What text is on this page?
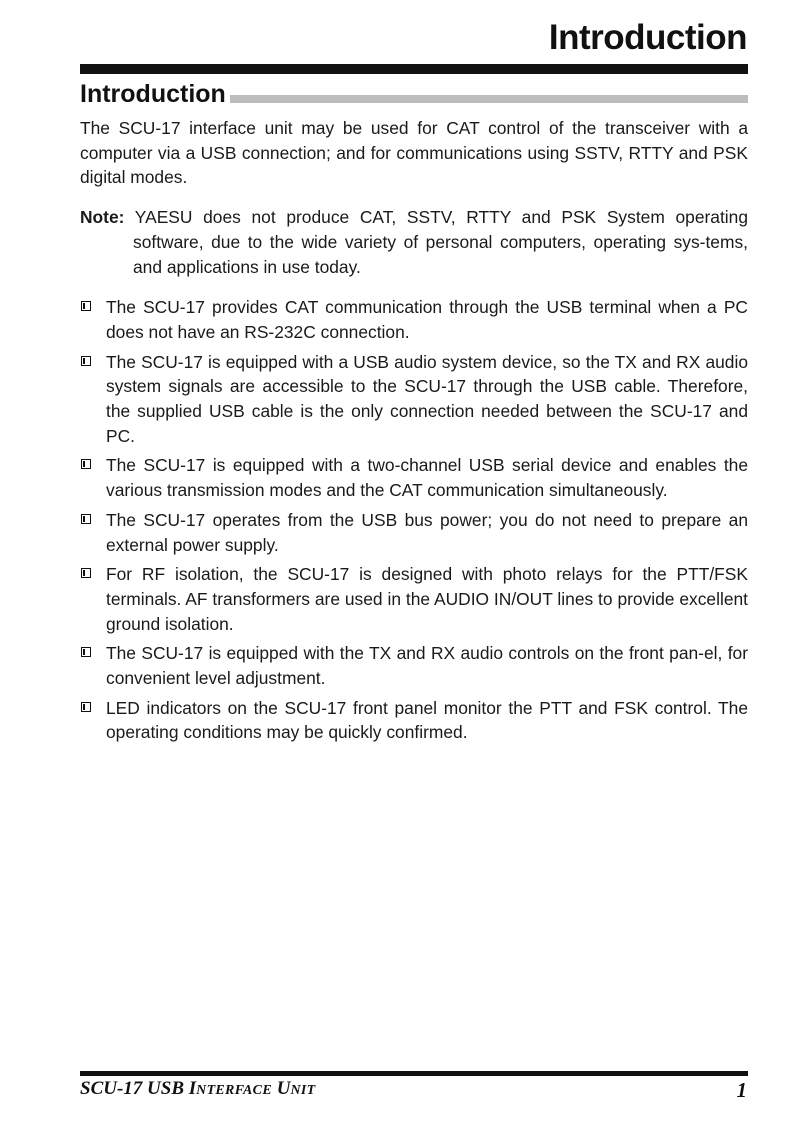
Introduction
Introduction

The SCU-17 interface unit may be used for CAT control of the transceiver with a computer via a USB connection; and for communications using SSTV, RTTY and PSK digital modes.

Note: YAESU does not produce CAT, SSTV, RTTY and PSK System operating software, due to the wide variety of personal computers, operating sys-tems, and applications in use today.

The SCU-17 provides CAT communication through the USB terminal when a PC does not have an RS-232C connection.
The SCU-17 is equipped with a USB audio system device, so the TX and RX audio system signals are accessible to the SCU-17 through the USB cable. Therefore, the supplied USB cable is the only connection needed between the SCU-17 and PC.
The SCU-17 is equipped with a two-channel USB serial device and enables the various transmission modes and the CAT communication simultaneously.
The SCU-17 operates from the USB bus power; you do not need to prepare an external power supply.
For RF isolation, the SCU-17 is designed with photo relays for the PTT/FSK terminals. AF transformers are used in the AUDIO IN/OUT lines to provide excellent ground isolation.
The SCU-17 is equipped with the TX and RX audio controls on the front pan-el, for convenient level adjustment.
LED indicators on the SCU-17 front panel monitor the PTT and FSK control. The operating conditions may be quickly confirmed.
SCU-17 USB INTERFACE UNIT	1
